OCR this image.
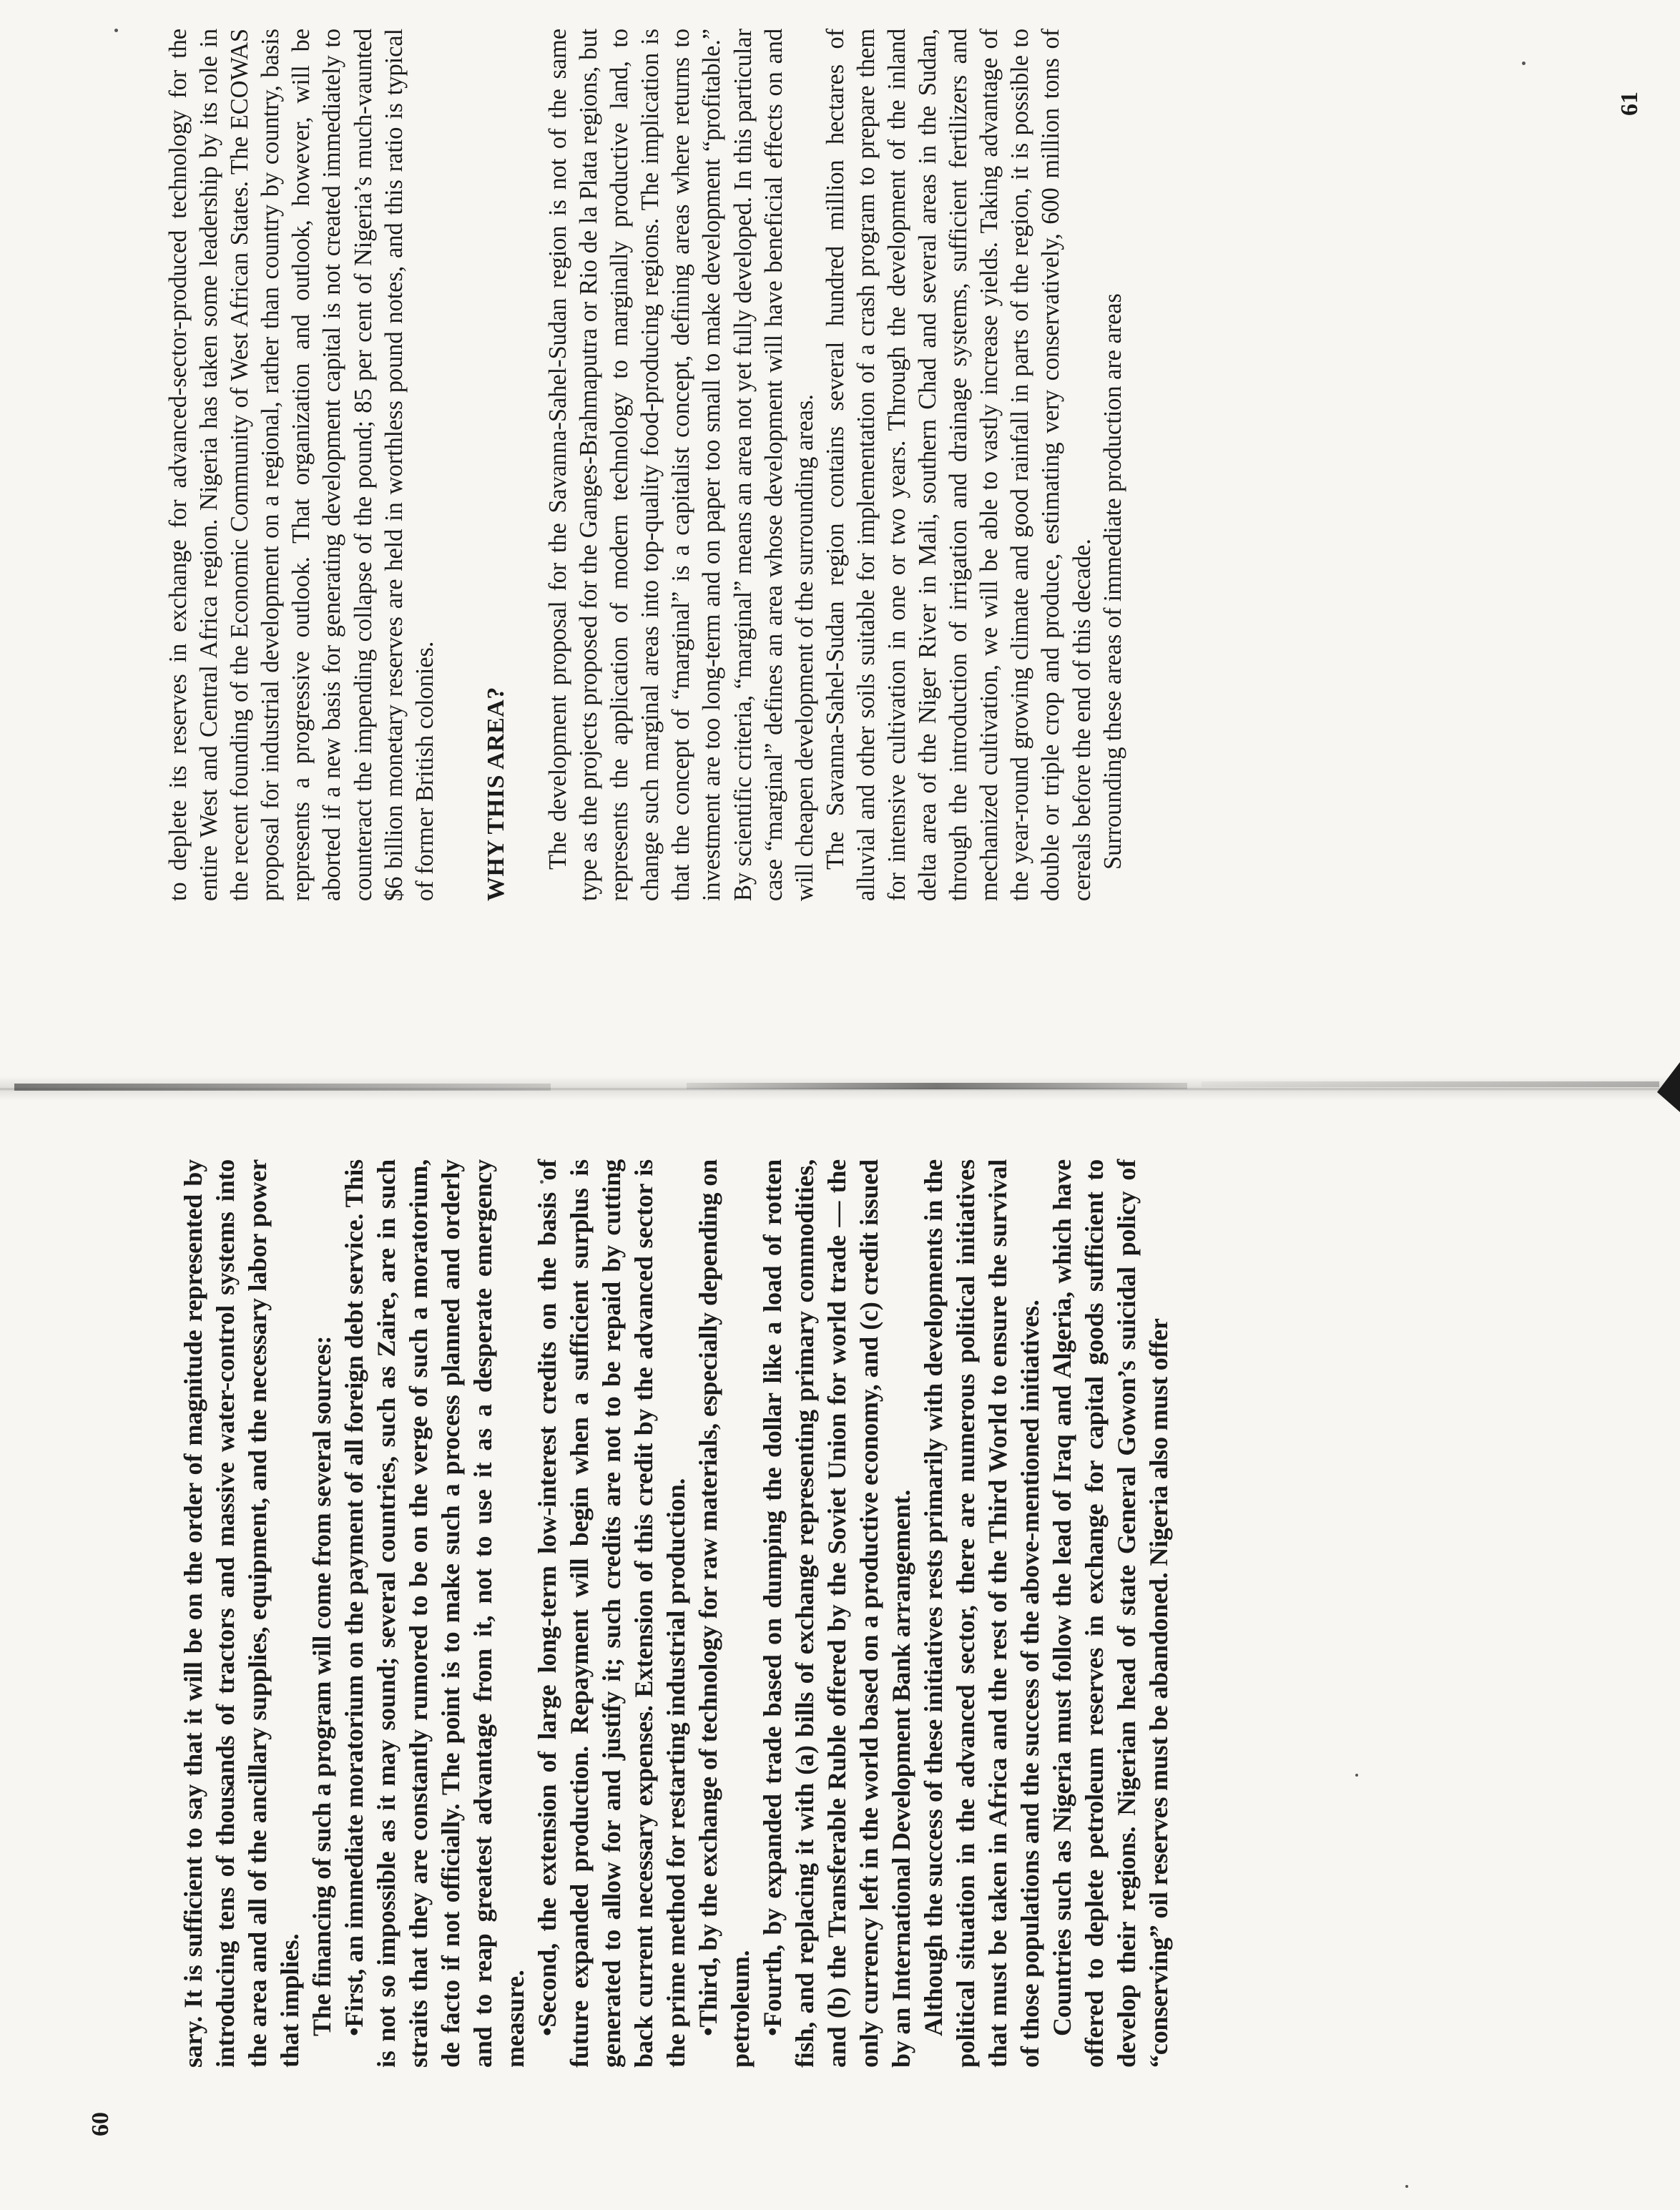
61
60

to deplete its reserves in exchange for advanced-sector-produced technology for the entire West and Central Africa region. Nigeria has taken some leadership by its role in the recent founding of the Economic Community of West African States. The ECOWAS proposal for industrial development on a regional, rather than country by country, basis represents a progressive outlook. That organization and outlook, however, will be aborted if a new basis for generating development capital is not created immediately to counteract the impending collapse of the pound; 85 per cent of Nigeria’s much-vaunted $6 billion monetary reserves are held in worthless pound notes, and this ratio is typical of former British colonies. WHY THIS AREA? The development proposal for the Savanna-Sahel-Sudan region is not of the same type as the projects proposed for the Ganges-Brahmaputra or Rio de la Plata regions, but represents the application of modern technology to marginally productive land, to change such marginal areas into top-quality food-producing regions. The implication is that the concept of “marginal” is a capitalist concept, defining areas where returns to investment are too long-term and on paper too small to make development “profitable.” By scientific criteria, “marginal” means an area not yet fully developed. In this particular case “marginal” defines an area whose development will have beneficial effects on and will cheapen development of the surrounding areas. The Savanna-Sahel-Sudan region contains several hundred million hectares of alluvial and other soils suitable for implementation of a crash program to prepare them for intensive cultivation in one or two years. Through the development of the inland delta area of the Niger River in Mali, southern Chad and several areas in the Sudan, through the introduction of irrigation and drainage systems, sufficient fertilizers and mechanized cultivation, we will be able to vastly increase yields. Taking advantage of the year-round growing climate and good rainfall in parts of the region, it is possible to double or triple crop and produce, estimating very conservatively, 600 million tons of cereals before the end of this decade. Surrounding these areas of immediate production are areas

sary. It is sufficient to say that it will be on the order of magnitude represented by introducing tens of thousands of tractors and massive water-control systems into the area and all of the ancillary supplies, equipment, and the necessary labor power that implies. The financing of such a program will come from several sources: •First, an immediate moratorium on the payment of all foreign debt service. This is not so impossible as it may sound; several countries, such as Zaire, are in such straits that they are constantly rumored to be on the verge of such a moratorium, de facto if not officially. The point is to make such a process planned and orderly and to reap greatest advantage from it, not to use it as a desperate emergency measure. •Second, the extension of large long-term low-interest credits on the basis of future expanded production. Repayment will begin when a sufficient surplus is generated to allow for and justify it; such credits are not to be repaid by cutting back current necessary expenses. Extension of this credit by the advanced sector is the prime method for restarting industrial production. •Third, by the exchange of technology for raw materials, especially depending on petroleum. •Fourth, by expanded trade based on dumping the dollar like a load of rotten fish, and replacing it with (a) bills of exchange representing primary commodities, and (b) the Transferable Ruble offered by the Soviet Union for world trade — the only currency left in the world based on a productive economy, and (c) credit issued by an International Development Bank arrangement. Although the success of these initiatives rests primarily with developments in the political situation in the advanced sector, there are numerous political initiatives that must be taken in Africa and the rest of the Third World to ensure the survival of those populations and the success of the above-mentioned initiatives. Countries such as Nigeria must follow the lead of Iraq and Algeria, which have offered to deplete petroleum reserves in exchange for capital goods sufficient to develop their regions. Nigerian head of state General Gowon’s suicidal policy of “conserving” oil reserves must be abandoned. Nigeria also must offer
